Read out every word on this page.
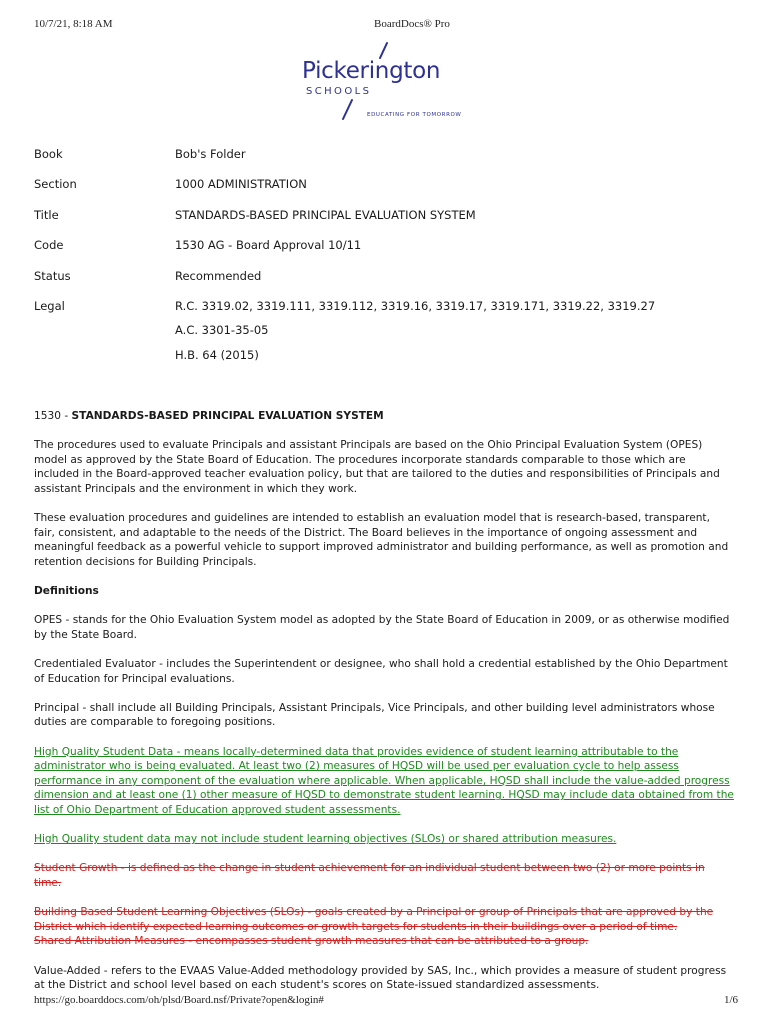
10/7/21, 8:18 AM	BoardDocs® Pro
Pickerington
SCHOOLS
EDUCATING FOR TOMORROW
Book	Bob's Folder
Section	1000 ADMINISTRATION
Title	STANDARDS-BASED PRINCIPAL EVALUATION SYSTEM
Code	1530 AG - Board Approval 10/11
Status	Recommended
Legal	R.C. 3319.02, 3319.111, 3319.112, 3319.16, 3319.17, 3319.171, 3319.22, 3319.27
A.C. 3301-35-05
H.B. 64 (2015)

1530 - STANDARDS-BASED PRINCIPAL EVALUATION SYSTEM

The procedures used to evaluate Principals and assistant Principals are based on the Ohio Principal Evaluation System (OPES) model as approved by the State Board of Education. The procedures incorporate standards comparable to those which are included in the Board-approved teacher evaluation policy, but that are tailored to the duties and responsibilities of Principals and assistant Principals and the environment in which they work.

These evaluation procedures and guidelines are intended to establish an evaluation model that is research-based, transparent, fair, consistent, and adaptable to the needs of the District. The Board believes in the importance of ongoing assessment and meaningful feedback as a powerful vehicle to support improved administrator and building performance, as well as promotion and retention decisions for Building Principals.

Definitions

OPES - stands for the Ohio Evaluation System model as adopted by the State Board of Education in 2009, or as otherwise modified by the State Board.

Credentialed Evaluator - includes the Superintendent or designee, who shall hold a credential established by the Ohio Department of Education for Principal evaluations.

Principal - shall include all Building Principals, Assistant Principals, Vice Principals, and other building level administrators whose duties are comparable to foregoing positions.

High Quality Student Data - means locally-determined data that provides evidence of student learning attributable to the administrator who is being evaluated. At least two (2) measures of HQSD will be used per evaluation cycle to help assess performance in any component of the evaluation where applicable. When applicable, HQSD shall include the value-added progress dimension and at least one (1) other measure of HQSD to demonstrate student learning. HQSD may include data obtained from the list of Ohio Department of Education approved student assessments.

High Quality student data may not include student learning objectives (SLOs) or shared attribution measures.

Student Growth - is defined as the change in student achievement for an individual student between two (2) or more points in time.

Building Based Student Learning Objectives (SLOs) - goals created by a Principal or group of Principals that are approved by the District which identify expected learning outcomes or growth targets for students in their buildings over a period of time.

Shared Attribution Measures - encompasses student growth measures that can be attributed to a group.

Value-Added - refers to the EVAAS Value-Added methodology provided by SAS, Inc., which provides a measure of student progress at the District and school level based on each student's scores on State-issued standardized assessments.

https://go.boarddocs.com/oh/plsd/Board.nsf/Private?open&login#	1/6
